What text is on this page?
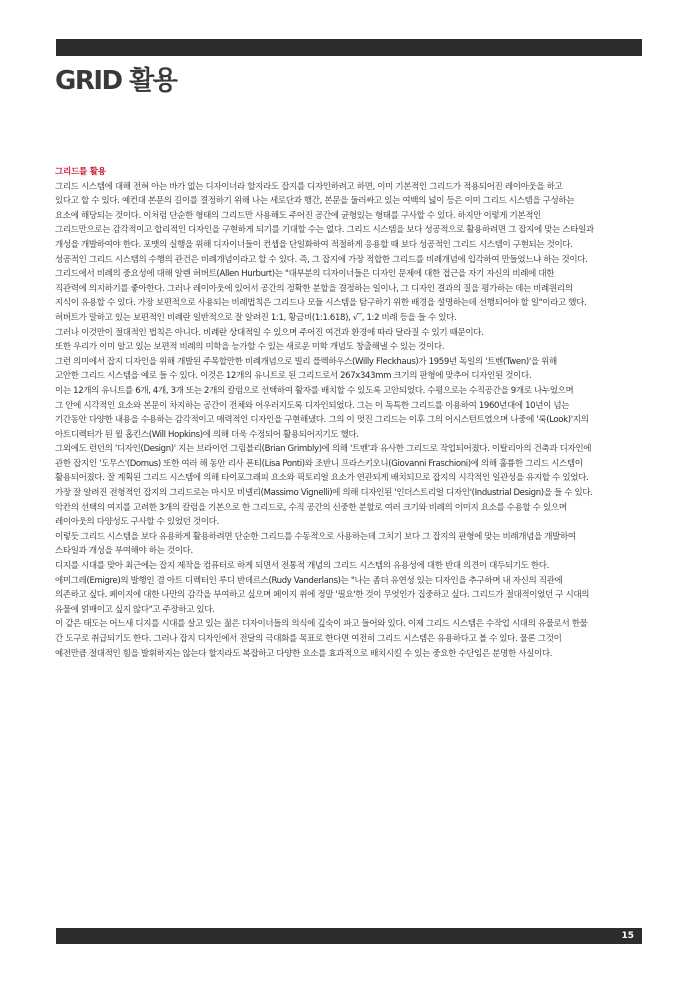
GRID 활용
그리드를 활용

그리드 시스템에 대해 전혀 아는 바가 없는 디자이너라 할지라도 잡지를 디자인하려고 하면, 이미 기본적인 그리드가 적용되어진 레이아웃을 하고
있다고 할 수 있다. 예컨대 본문의 길이를 결정하기 위해 나는 세로단과 행간, 본문을 둘러싸고 있는 여백의 넓이 등은 이미 그리드 시스템을 구성하는
요소에 해당되는 것이다. 이처럼 단순한 형태의 그리드만 사용해도 주어진 공간에 균형있는 형태를 구사할 수 있다. 하지만 이렇게 기본적인
그리드만으로는 감각적이고 합리적인 디자인을 구현하게 되기를 기대할 수는 없다. 그리드 시스템을 보다 성공적으로 활용하려면 그 잡지에 맞는 스타일과
개성을 개발하여야 한다. 포맷의 실행을 위해 디자이너들이 컨셉을 단일화하여 적절하게 응용할 때 보다 성공적인 그리드 시스템이 구현되는 것이다.

성공적인 그리드 시스템의 수행의 관건은 비례개념이라고 할 수 있다. 즉, 그 잡지에 가장 적합한 그리드를 비례개념에 입각하여 만들었느냐 하는 것이다.
그리드에서 비례의 중요성에 대해 알렌 허버트(Allen Hurburt)는 "대부분의 디자이너들은 디자인 문제에 대한 접근을 자기 자신의 비례에 대한
직관력에 의지하기를 좋아한다. 그러나 레이아웃에 있어서 공간의 정확한 분할을 결정하는 일이나, 그 디자인 결과의 질을 평가하는 데는 비례원리의
지식이 유용할 수 있다. 가장 보편적으로 사용되는 비례법칙은 그리드나 모듈 시스템을 탐구하기 위한 배경을 설명하는데 선행되어야 할 일"이라고 했다.

허버트가 말하고 있는 보편적인 비례란 일반적으로 잘 알려진 1:1, 황금비(1:1.618), √‾, 1:2 비례 등을 들 수 있다.
그러나 이것만이 절대적인 법칙은 아니다. 비례란 상대적일 수 있으며 주어진 여건과 환경에 따라 달라질 수 있기 때문이다.
또한 우리가 이미 알고 있는 보편적 비례의 미학을 능가할 수 있는 새로운 미학 개념도 창출해낼 수 있는 것이다.

그런 의미에서 잡지 디자인을 위해 개발된 주목할만한 비례개념으로 빌리 플렉하우스(Willy Fleckhaus)가 1959년 독일의 '트벤(Twen)'을 위해
고안한 그리드 시스템을 예로 들 수 있다. 이것은 12개의 유니트로 된 그리드로서 267x343mm 크기의 판형에 맞추어 디자인된 것이다.
이는 12개의 유니트를 6개, 4개, 3개 또는 2개의 칼럼으로 선택하여 활자를 배치할 수 있도록 고안되었다. 수평으로는 수직공간을 9개로 나누었으며
그 안에 시각적인 요소와 본문이 차지하는 공간이 전체와 어우러지도록 디자인되었다. 그는 이 독특한 그리드를 이용하여 1960년대에 10년이 넘는
기간동안 다양한 내용을 수용하는 감각적이고 매력적인 디자인을 구현해냈다. 그의 이 멋진 그리드는 이후 그의 어시스턴트였으며 나중에 '룩(Look)'지의
아트디렉터가 된 윌 홉킨스(Will Hopkins)에 의해 더욱 수정되어 활용되어지기도 했다.

그외에도 런던의 '디자인(Design)' 지는 브라이언 그림블리(Brian Grimbly)에 의해 '트벤'과 유사한 그리드로 작업되어졌다. 이탈리아의 건축과 디자인에
관한 잡지인 '도무스'(Domus) 또한 여러 해 동안 리사 폰티(Lisa Ponti)와 조반니 프라스키오니(Giovanni Fraschioni)에 의해 훌륭한 그리드 시스템이
활용되어졌다. 잘 계획된 그리드 시스템에 의해 타이포그래피 요소와 픽토리얼 요소가 연관되게 배치되므로 잡지의 시각적인 일관성을 유지할 수 있었다.

가장 잘 알려진 전형적인 잡지의 그리드로는 마시모 비넬리(Massimo Vignelli)에 의해 디자인된 '인더스트리얼 디자인'(Industrial Design)을 들 수 있다.
악칸의 선택의 여지를 고려한 3개의 칼럼을 기본으로 한 그리드로, 수직 공간의 신중한 분할로 여러 크기와 비례의 이미지 요소를 수용할 수 있으며
레이아웃의 다양성도 구사할 수 있었던 것이다.
이렇듯 그리드 시스템을 보다 유용하게 활용하려면 단순한 그리드를 수동적으로 사용하는데 그치기 보다 그 잡지의 판형에 맞는 비례개념을 개발하여
스타일과 개성을 부여해야 하는 것이다.

디지를 시대를 맞아 최근에는 잡지 제작을 컴퓨터로 하게 되면서 전통적 개념의 그리드 시스템의 유용성에 대한 반대 의견이 대두되기도 한다.
에미그레(Emigre)의 발행인 겸 아트 디렉터인 루디 반데르스(Rudy Vanderlans)는 "나는 좀더 유연성 있는 디자인을 추구하며 내 자신의 직관에
의존하고 싶다. 페이지에 대한 나만의 감각을 부여하고 싶으며 페이지 위에 정말 '필요'한 것이 무엇인가 집중하고 싶다. 그리드가 절대적이었던 구 시대의
유물에 얽매이고 싶지 않다"고 주장하고 있다.

이 같은 태도는 어느새 디지를 시대를 살고 있는 젊은 디자이너들의 의식에 깊숙이 파고 들어와 있다. 이제 그리드 시스템은 수작업 시대의 유물로서 한물
간 도구로 취급되기도 한다. 그러나 잡지 디자인에서 전달의 극대화를 목표로 한다면 여전히 그리드 시스템은 유용하다고 볼 수 있다. 물론 그것이
예전만큼 절대적인 힘을 발휘하지는 않는다 할지라도 복잡하고 다양한 요소를 효과적으로 배치시킬 수 있는 중요한 수단임은 분명한 사실이다.

15
